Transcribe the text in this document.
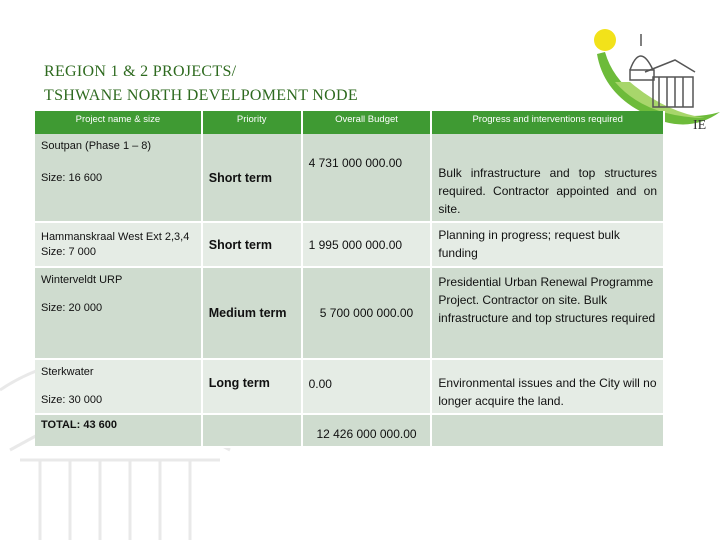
REGION 1 & 2 PROJECTS/
TSHWANE NORTH DEVELPOMENT NODE
IE
Project name & size	Priority	Overall Budget	Progress and interventions required

Soutpan (Phase 1 – 8)
Size: 16 600	Short term	4 731 000 000.00	Bulk infrastructure and top structures required. Contractor appointed and on site.

Hammanskraal West Ext 2,3,4
Size: 7 000	Short term	1 995 000 000.00	Planning in progress; request bulk funding

Winterveldt URP
Size: 20 000	Medium term	5 700 000 000.00	Presidential Urban Renewal Programme Project. Contractor on site. Bulk infrastructure and top structures required

Sterkwater
Size: 30 000	Long term	0.00	Environmental issues and the City will no longer acquire the land.
TOTAL: 43 600		12 426 000 000.00	
